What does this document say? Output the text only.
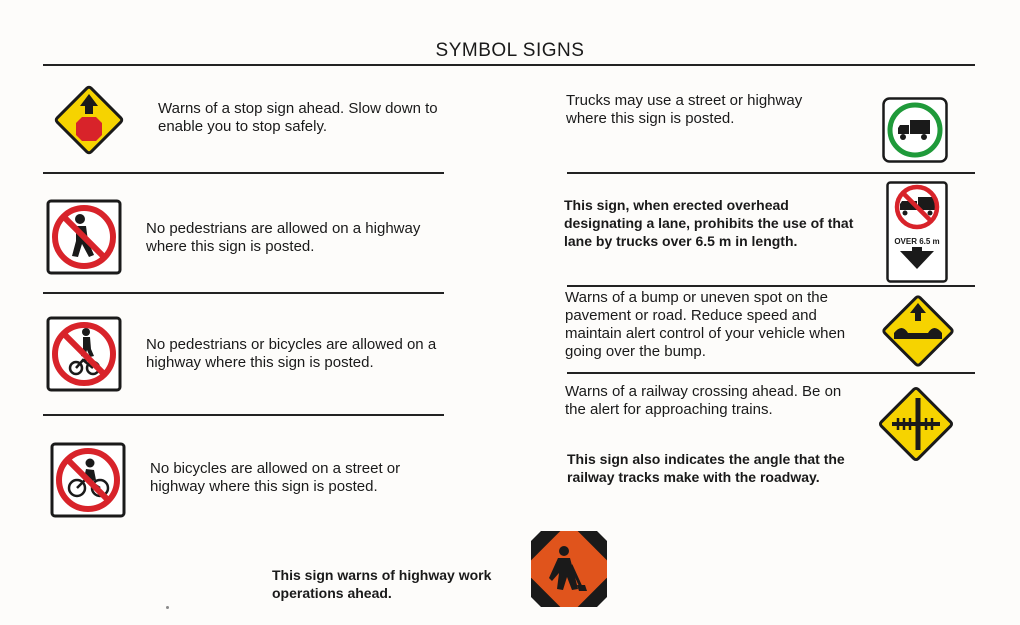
SYMBOL SIGNS
Warns of a stop sign ahead. Slow down to enable you to stop safely.
No pedestrians are allowed on a highway where this sign is posted.
No pedestrians or bicycles are allowed on a highway where this sign is posted.
No bicycles are allowed on a street or highway where this sign is posted.
Trucks may use a street or highway where this sign is posted.
This sign, when erected overhead designating a lane, prohibits the use of that lane by trucks over 6.5 m in length.	OVER 6.5 m
Warns of a bump or uneven spot on the pavement or road. Reduce speed and maintain alert control of your vehicle when going over the bump.
Warns of a railway crossing ahead. Be on the alert for approaching trains.
This sign also indicates the angle that the railway tracks make with the roadway.
This sign warns of highway work operations ahead.
